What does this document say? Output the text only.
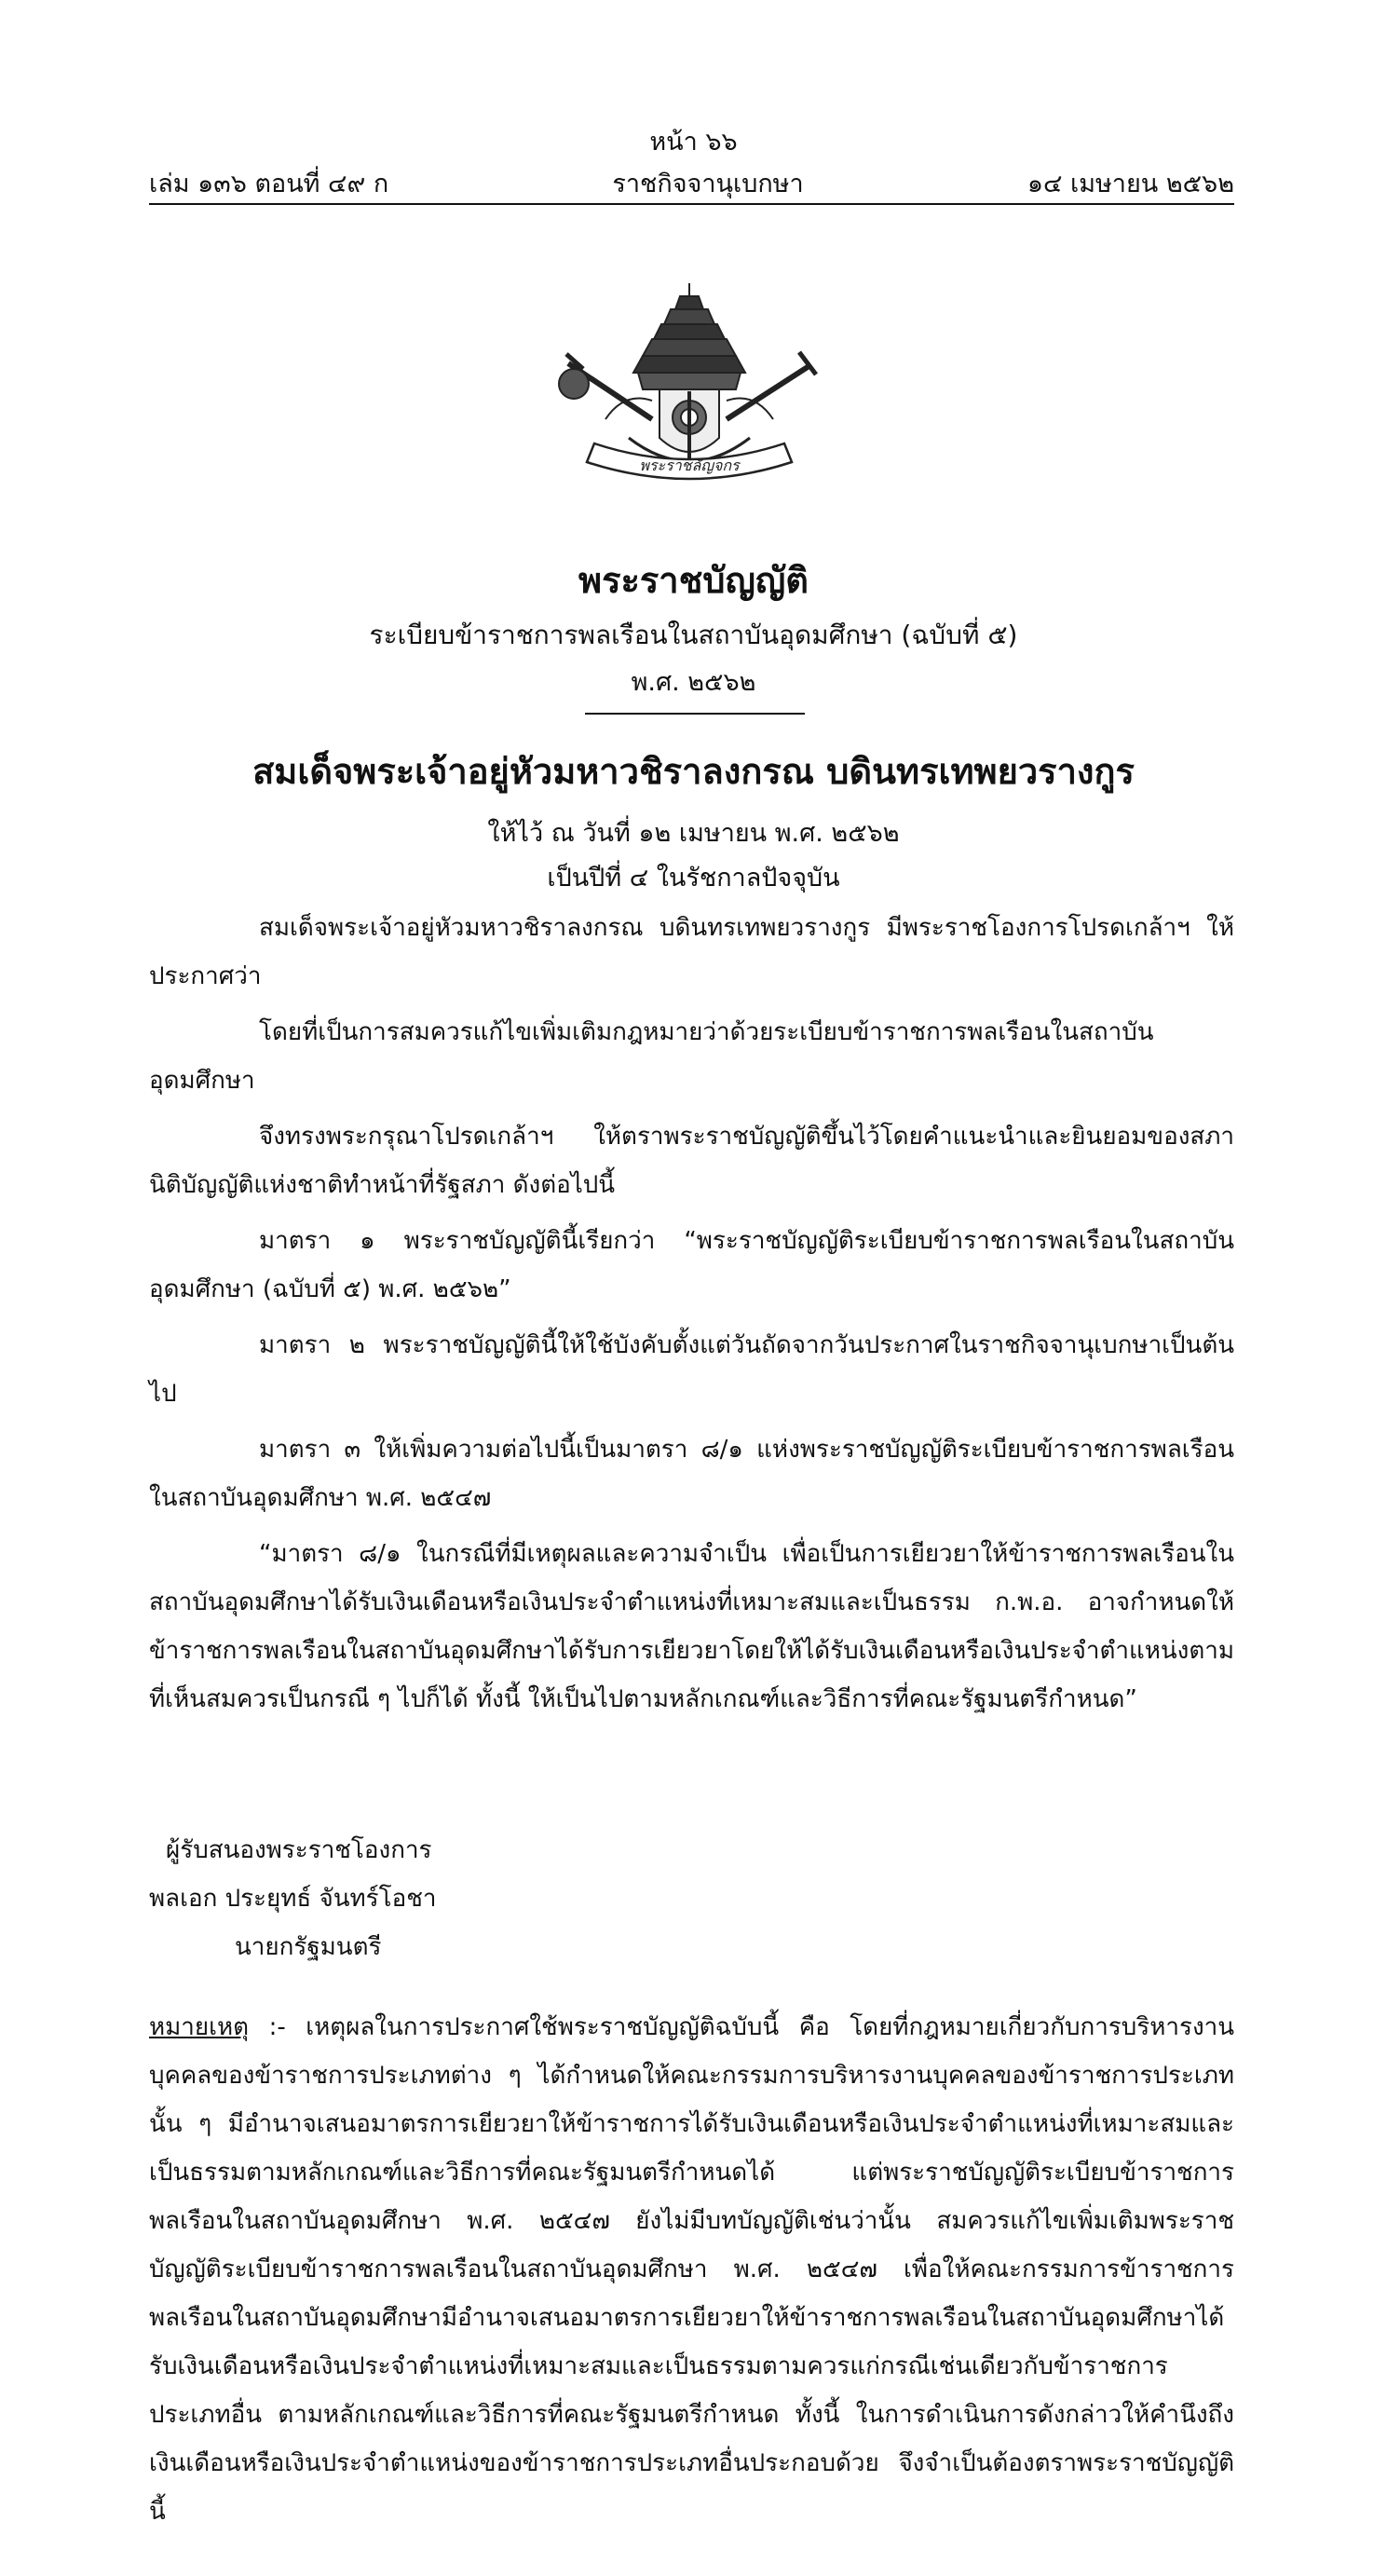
หน้า ๖๖
เล่ม ๑๓๖ ตอนที่ ๔๙ ก	ราชกิจจานุเบกษา	๑๔ เมษายน ๒๕๖๒
พระราชลัญจกร
พระราชบัญญัติ
ระเบียบข้าราชการพลเรือนในสถาบันอุดมศึกษา (ฉบับที่ ๕)
พ.ศ. ๒๕๖๒
สมเด็จพระเจ้าอยู่หัวมหาวชิราลงกรณ บดินทรเทพยวรางกูร
ให้ไว้ ณ วันที่ ๑๒ เมษายน พ.ศ. ๒๕๖๒
เป็นปีที่ ๔ ในรัชกาลปัจจุบัน

สมเด็จพระเจ้าอยู่หัวมหาวชิราลงกรณ บดินทรเทพยวรางกูร มีพระราชโองการโปรดเกล้าฯ ให้ประกาศว่า

โดยที่เป็นการสมควรแก้ไขเพิ่มเติมกฎหมายว่าด้วยระเบียบข้าราชการพลเรือนในสถาบันอุดมศึกษา

จึงทรงพระกรุณาโปรดเกล้าฯ ให้ตราพระราชบัญญัติขึ้นไว้โดยคำแนะนำและยินยอมของสภานิติบัญญัติแห่งชาติทำหน้าที่รัฐสภา ดังต่อไปนี้

มาตรา ๑ พระราชบัญญัตินี้เรียกว่า “พระราชบัญญัติระเบียบข้าราชการพลเรือนในสถาบันอุดมศึกษา (ฉบับที่ ๕) พ.ศ. ๒๕๖๒”

มาตรา ๒ พระราชบัญญัตินี้ให้ใช้บังคับตั้งแต่วันถัดจากวันประกาศในราชกิจจานุเบกษาเป็นต้นไป

มาตรา ๓ ให้เพิ่มความต่อไปนี้เป็นมาตรา ๘/๑ แห่งพระราชบัญญัติระเบียบข้าราชการพลเรือนในสถาบันอุดมศึกษา พ.ศ. ๒๕๔๗

“มาตรา ๘/๑ ในกรณีที่มีเหตุผลและความจำเป็น เพื่อเป็นการเยียวยาให้ข้าราชการพลเรือนในสถาบันอุดมศึกษาได้รับเงินเดือนหรือเงินประจำตำแหน่งที่เหมาะสมและเป็นธรรม ก.พ.อ. อาจกำหนดให้ข้าราชการพลเรือนในสถาบันอุดมศึกษาได้รับการเยียวยาโดยให้ได้รับเงินเดือนหรือเงินประจำตำแหน่งตามที่เห็นสมควรเป็นกรณี ๆ ไปก็ได้ ทั้งนี้ ให้เป็นไปตามหลักเกณฑ์และวิธีการที่คณะรัฐมนตรีกำหนด”

ผู้รับสนองพระราชโองการ
พลเอก ประยุทธ์ จันทร์โอชา
นายกรัฐมนตรี
หมายเหตุ :- เหตุผลในการประกาศใช้พระราชบัญญัติฉบับนี้ คือ โดยที่กฎหมายเกี่ยวกับการบริหารงานบุคคลของข้าราชการประเภทต่าง ๆ ได้กำหนดให้คณะกรรมการบริหารงานบุคคลของข้าราชการประเภทนั้น ๆ มีอำนาจเสนอมาตรการเยียวยาให้ข้าราชการได้รับเงินเดือนหรือเงินประจำตำแหน่งที่เหมาะสมและเป็นธรรมตามหลักเกณฑ์และวิธีการที่คณะรัฐมนตรีกำหนดได้ แต่พระราชบัญญัติระเบียบข้าราชการพลเรือนในสถาบันอุดมศึกษา พ.ศ. ๒๕๔๗ ยังไม่มีบทบัญญัติเช่นว่านั้น สมควรแก้ไขเพิ่มเติมพระราชบัญญัติระเบียบข้าราชการพลเรือนในสถาบันอุดมศึกษา พ.ศ. ๒๕๔๗ เพื่อให้คณะกรรมการข้าราชการพลเรือนในสถาบันอุดมศึกษามีอำนาจเสนอมาตรการเยียวยาให้ข้าราชการพลเรือนในสถาบันอุดมศึกษาได้รับเงินเดือนหรือเงินประจำตำแหน่งที่เหมาะสมและเป็นธรรมตามควรแก่กรณีเช่นเดียวกับข้าราชการประเภทอื่น ตามหลักเกณฑ์และวิธีการที่คณะรัฐมนตรีกำหนด ทั้งนี้ ในการดำเนินการดังกล่าวให้คำนึงถึงเงินเดือนหรือเงินประจำตำแหน่งของข้าราชการประเภทอื่นประกอบด้วย จึงจำเป็นต้องตราพระราชบัญญัตินี้
